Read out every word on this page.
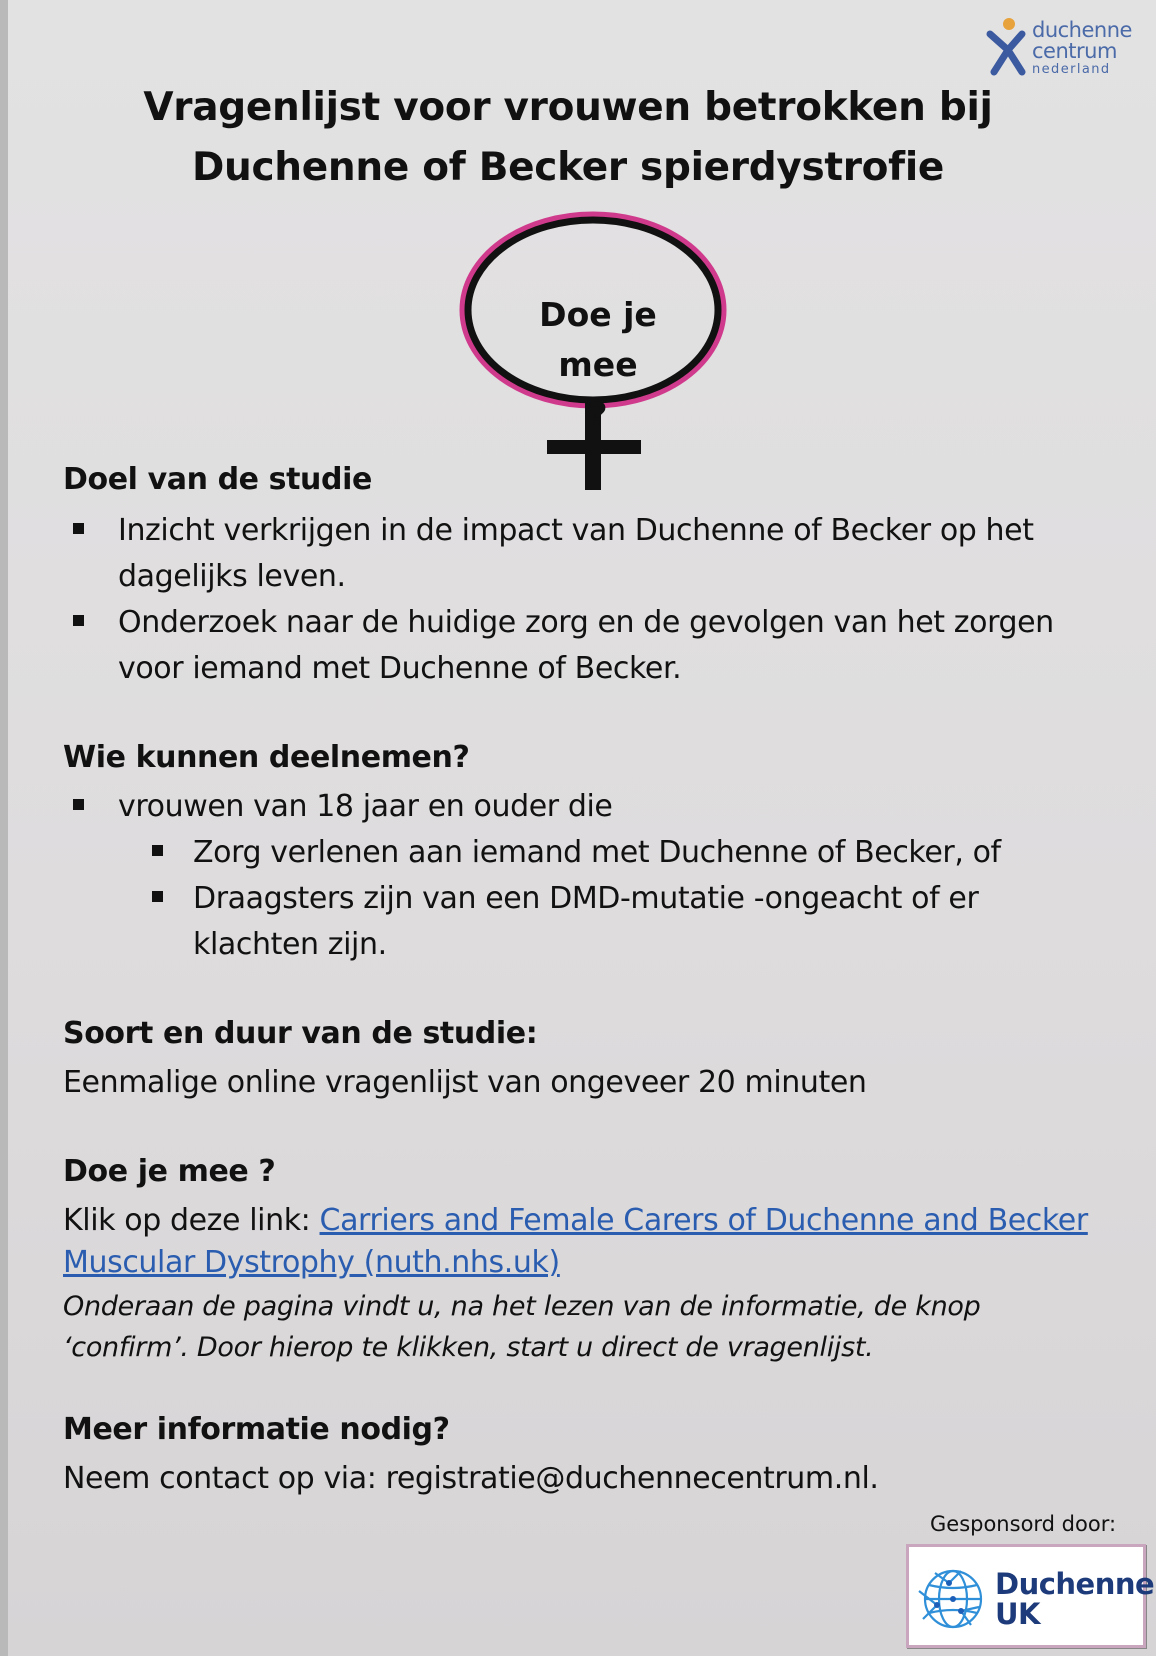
duchenne
centrum
nederland
Vragenlijst voor vrouwen betrokken bij
Duchenne of Becker spierdystrofie
Doe je mee
?
Doel van de studie
Inzicht verkrijgen in de impact van Duchenne of Becker op het dagelijks leven.
Onderzoek naar de huidige zorg en de gevolgen van het zorgen voor iemand met Duchenne of Becker.
Wie kunnen deelnemen?
vrouwen van 18 jaar en ouder die
Zorg verlenen aan iemand met Duchenne of Becker, of
Draagsters zijn van een DMD-mutatie -ongeacht of er klachten zijn.
Soort en duur van de studie:
Eenmalige online vragenlijst van ongeveer 20 minuten
Doe je mee ?
Klik op deze link: Carriers and Female Carers of Duchenne and Becker
Muscular Dystrophy (nuth.nhs.uk)
Onderaan de pagina vindt u, na het lezen van de informatie, de knop
‘confirm’. Door hierop te klikken, start u direct de vragenlijst.
Meer informatie nodig?
Neem contact op via: registratie@duchennecentrum.nl.
Gesponsord door:
Duchenne
UK
